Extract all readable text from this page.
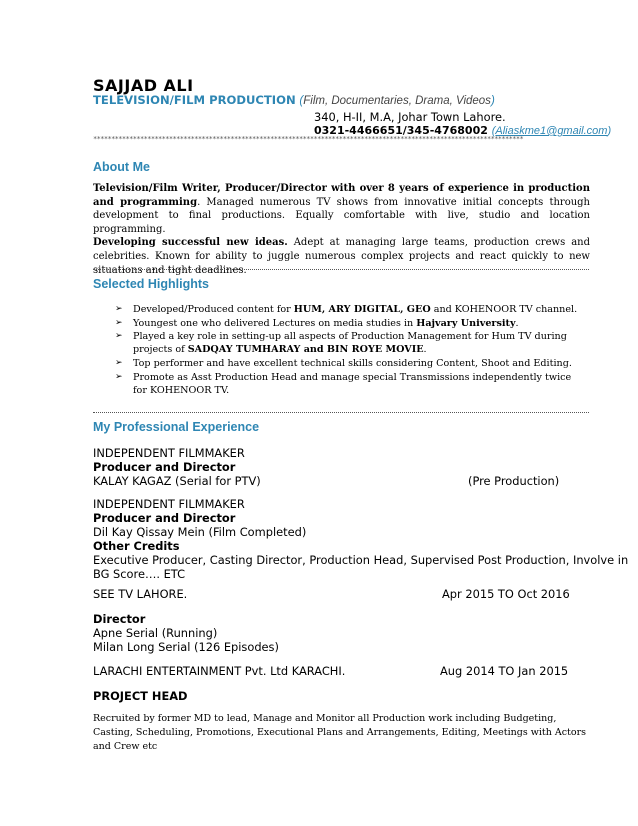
SAJJAD ALI
TELEVISION/FILM PRODUCTION (Film, Documentaries, Drama, Videos)
340, H-II, M.A, Johar Town Lahore.
0321-4466651/345-4768002 (Aliaskme1@gmail.com)
***********************************************************************************************************************
About Me

Television/Film Writer, Producer/Director with over 8 years of experience in production and programming. Managed numerous TV shows from innovative initial concepts through development to final productions. Equally comfortable with live, studio and location programming.

Developing successful new ideas. Adept at managing large teams, production crews and celebrities. Known for ability to juggle numerous complex projects and react quickly to new situations and tight deadlines.

Selected Highlights
➢ Developed/Produced content for HUM, ARY DIGITAL, GEO and KOHENOOR TV channel.
➢ Youngest one who delivered Lectures on media studies in Hajvary University.
➢ Played a key role in setting-up all aspects of Production Management for Hum TV during projects of SADQAY TUMHARAY and BIN ROYE MOVIE.
➢ Top performer and have excellent technical skills considering Content, Shoot and Editing.
➢ Promote as Asst Production Head and manage special Transmissions independently twice for KOHENOOR TV.
My Professional Experience
INDEPENDENT FILMMAKER
Producer and Director
KALAY KAGAZ (Serial for PTV)	(Pre Production)
INDEPENDENT FILMMAKER
Producer and Director
Dil Kay Qissay Mein (Film Completed)
Other Credits
Executive Producer, Casting Director, Production Head, Supervised Post Production, Involve in
BG Score…. ETC
SEE TV LAHORE.	Apr 2015 TO Oct 2016
Director
Apne Serial (Running)
Milan Long Serial (126 Episodes)
LARACHI ENTERTAINMENT Pvt. Ltd KARACHI.	Aug 2014 TO Jan 2015
PROJECT HEAD
Recruited by former MD to lead, Manage and Monitor all Production work including Budgeting, Casting, Scheduling, Promotions, Executional Plans and Arrangements, Editing, Meetings with Actors and Crew etc
